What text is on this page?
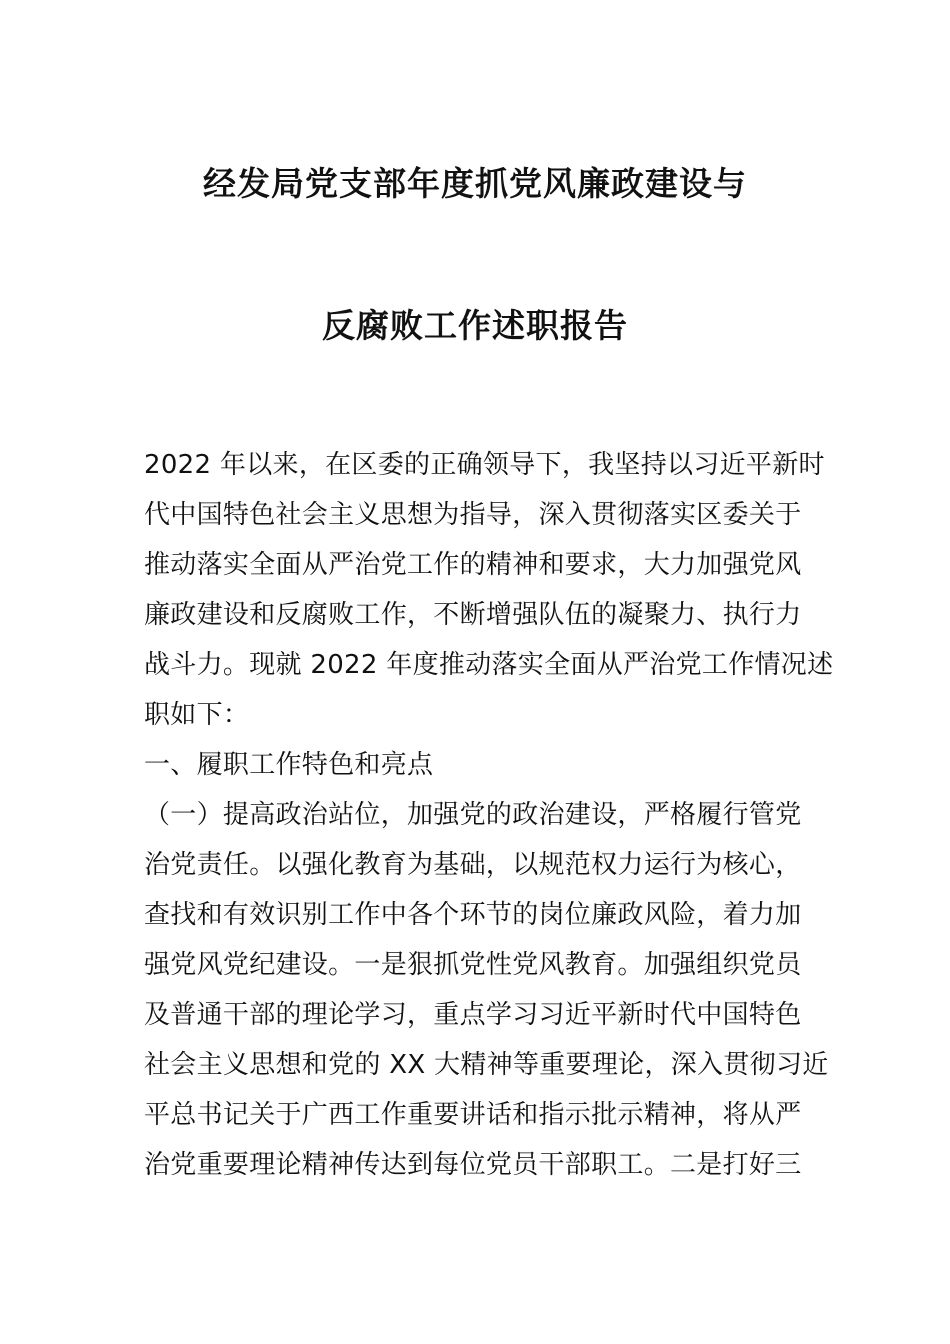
经发局党支部年度抓党风廉政建设与
反腐败工作述职报告
2022 年以来，在区委的正确领导下，我坚持以习近平新时
代中国特色社会主义思想为指导，深入贯彻落实区委关于
推动落实全面从严治党工作的精神和要求，大力加强党风
廉政建设和反腐败工作，不断增强队伍的凝聚力、执行力
战斗力。现就 2022 年度推动落实全面从严治党工作情况述
职如下：
一、履职工作特色和亮点
（一）提高政治站位，加强党的政治建设，严格履行管党
治党责任。以强化教育为基础，以规范权力运行为核心，
查找和有效识别工作中各个环节的岗位廉政风险，着力加
强党风党纪建设。一是狠抓党性党风教育。加强组织党员
及普通干部的理论学习，重点学习习近平新时代中国特色
社会主义思想和党的 XX 大精神等重要理论，深入贯彻习近
平总书记关于广西工作重要讲话和指示批示精神，将从严
治党重要理论精神传达到每位党员干部职工。二是打好三
